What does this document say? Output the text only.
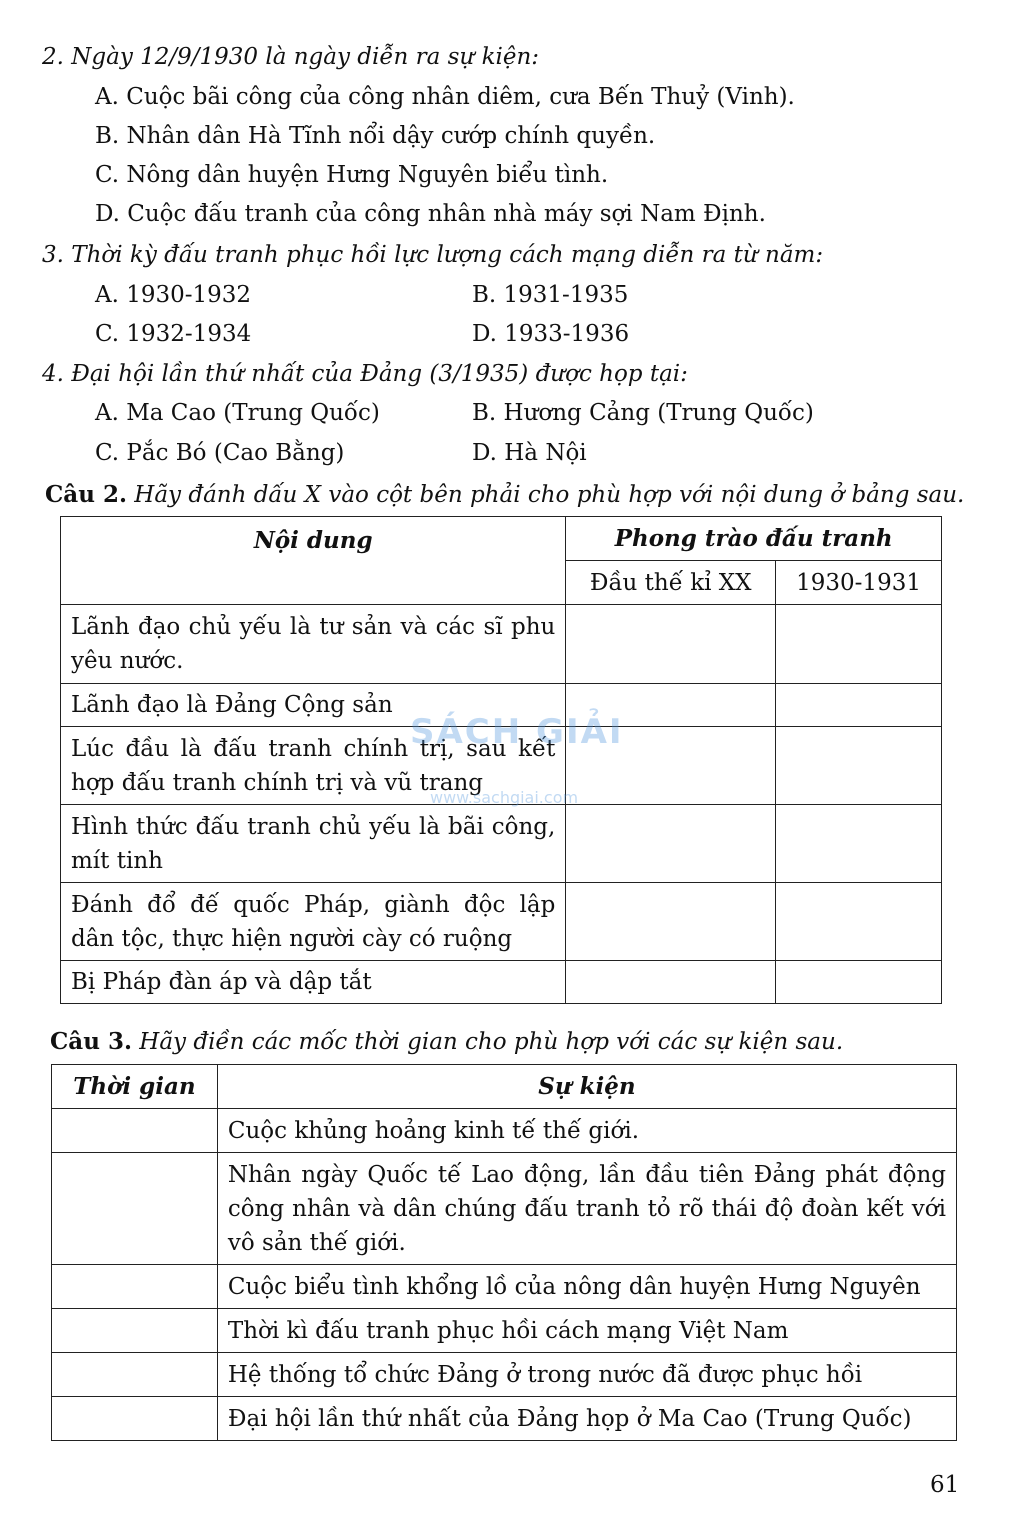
2. Ngày 12/9/1930 là ngày diễn ra sự kiện:
A. Cuộc bãi công của công nhân diêm, cưa Bến Thuỷ (Vinh).
B. Nhân dân Hà Tĩnh nổi dậy cướp chính quyền.
C. Nông dân huyện Hưng Nguyên biểu tình.
D. Cuộc đấu tranh của công nhân nhà máy sợi Nam Định.
3. Thời kỳ đấu tranh phục hồi lực lượng cách mạng diễn ra từ năm:
A. 1930-1932	B. 1931-1935
C. 1932-1934	D. 1933-1936
4. Đại hội lần thứ nhất của Đảng (3/1935) được họp tại:
A. Ma Cao (Trung Quốc)	B. Hương Cảng (Trung Quốc)
C. Pắc Bó (Cao Bằng)	D. Hà Nội
Câu 2. Hãy đánh dấu X vào cột bên phải cho phù hợp với nội dung ở bảng sau.
Nội dung	Phong trào đấu tranh	
	Đầu thế kỉ XX	1930-1931
Lãnh đạo chủ yếu là tư sản và các sĩ phu yêu nước.		
Lãnh đạo là Đảng Cộng sản		
Lúc đầu là đấu tranh chính trị, sau kết hợp đấu tranh chính trị và vũ trang		
Hình thức đấu tranh chủ yếu là bãi công, mít tinh		
Đánh đổ đế quốc Pháp, giành độc lập dân tộc, thực hiện người cày có ruộng		
Bị Pháp đàn áp và dập tắt		
SÁCH GIẢI
www.sachgiai.com
Câu 3. Hãy điền các mốc thời gian cho phù hợp với các sự kiện sau.
Thời gian	Sự kiện
	Cuộc khủng hoảng kinh tế thế giới.
	Nhân ngày Quốc tế Lao động, lần đầu tiên Đảng phát động công nhân và dân chúng đấu tranh tỏ rõ thái độ đoàn kết với vô sản thế giới.
	Cuộc biểu tình khổng lồ của nông dân huyện Hưng Nguyên
	Thời kì đấu tranh phục hồi cách mạng Việt Nam
	Hệ thống tổ chức Đảng ở trong nước đã được phục hồi
	Đại hội lần thứ nhất của Đảng họp ở Ma Cao (Trung Quốc)
61
